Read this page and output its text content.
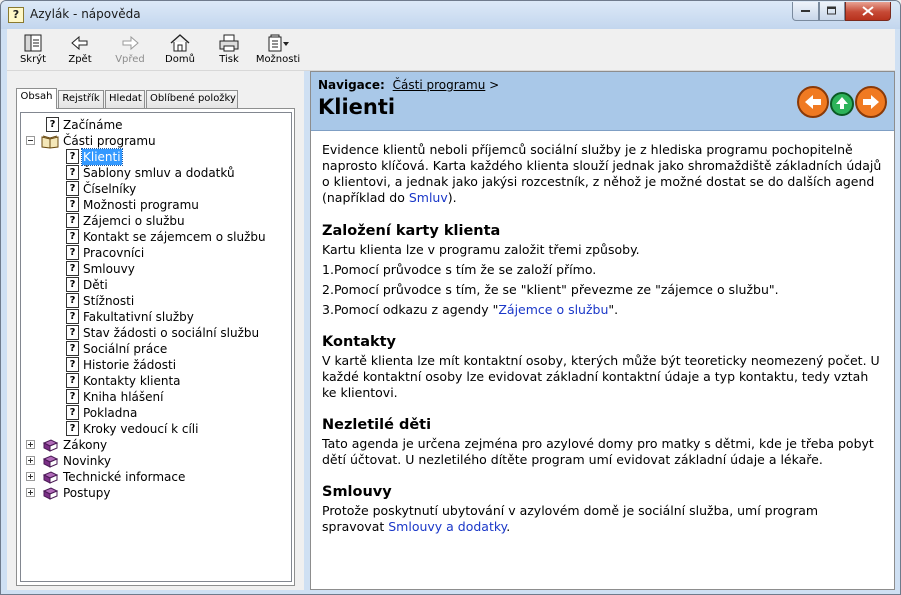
? Azylák - nápověda
Skrýt	Zpět	Vpřed	Domů	Tisk	Možnosti
Obsah Rejstřík Hledat Oblíbené položky
? Začínáme
Části programu
? Klienti
? Šablony smluv a dodatků
? Číselníky
? Možnosti programu
? Zájemci o službu
? Kontakt se zájemcem o službu
? Pracovníci
? Smlouvy
? Děti
? Stížnosti
? Fakultativní služby
? Stav žádosti o sociální službu
? Sociální práce
? Historie žádosti
? Kontakty klienta
? Kniha hlášení
? Pokladna
? Kroky vedoucí k cíli
Zákony
Novinky
Technické informace
Postupy
Navigace: Části programu >
Klienti

Evidence klientů neboli příjemců sociální služby je z hlediska programu pochopitelně naprosto klíčová. Karta každého klienta slouží jednak jako shromaždiště základních údajů o klientovi, a jednak jako jakýsi rozcestník, z něhož je možné dostat se do dalších agend (například do Smluv).

Založení karty klienta

Kartu klienta lze v programu založit třemi způsoby.

1.Pomocí průvodce s tím že se založí přímo.
2.Pomocí průvodce s tím, že se "klient" převezme ze "zájemce o službu".
3.Pomocí odkazu z agendy "Zájemce o službu".
Kontakty

V kartě klienta lze mít kontaktní osoby, kterých může být teoreticky neomezený počet. U každé kontaktní osoby lze evidovat základní kontaktní údaje a typ kontaktu, tedy vztah ke klientovi.

Nezletilé děti

Tato agenda je určena zejména pro azylové domy pro matky s dětmi, kde je třeba pobyt dětí účtovat. U nezletilého dítěte program umí evidovat základní údaje a lékaře.

Smlouvy

Protože poskytnutí ubytování v azylovém domě je sociální služba, umí program spravovat Smlouvy a dodatky.
